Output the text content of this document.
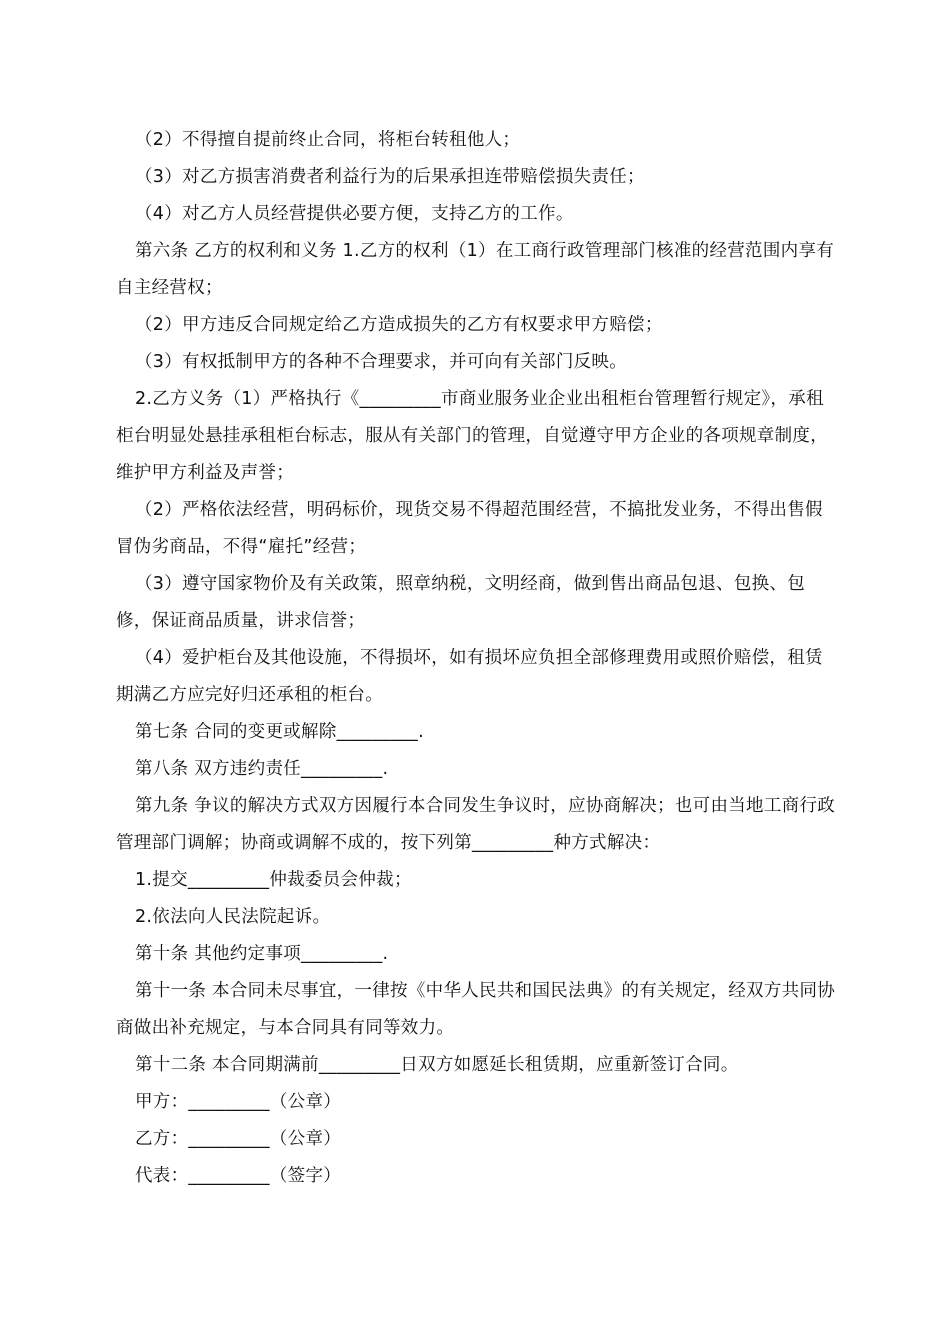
（2）不得擅自提前终止合同，将柜台转租他人；

（3）对乙方损害消费者利益行为的后果承担连带赔偿损失责任；

（4）对乙方人员经营提供必要方便，支持乙方的工作。

第六条 乙方的权利和义务 1.乙方的权利（1）在工商行政管理部门核准的经营范围内享有自主经营权；

（2）甲方违反合同规定给乙方造成损失的乙方有权要求甲方赔偿；

（3）有权抵制甲方的各种不合理要求，并可向有关部门反映。

2.乙方义务（1）严格执行《_________市商业服务业企业出租柜台管理暂行规定》，承租柜台明显处悬挂承租柜台标志，服从有关部门的管理，自觉遵守甲方企业的各项规章制度，维护甲方利益及声誉；

（2）严格依法经营，明码标价，现货交易不得超范围经营，不搞批发业务，不得出售假冒伪劣商品，不得“雇托”经营；

（3）遵守国家物价及有关政策，照章纳税，文明经商，做到售出商品包退、包换、包修，保证商品质量，讲求信誉；

（4）爱护柜台及其他设施，不得损坏，如有损坏应负担全部修理费用或照价赔偿，租赁期满乙方应完好归还承租的柜台。

第七条 合同的变更或解除_________.

第八条 双方违约责任_________.

第九条 争议的解决方式双方因履行本合同发生争议时，应协商解决；也可由当地工商行政管理部门调解；协商或调解不成的，按下列第_________种方式解决：

1.提交_________仲裁委员会仲裁；

2.依法向人民法院起诉。

第十条 其他约定事项_________.

第十一条 本合同未尽事宜，一律按《中华人民共和国民法典》的有关规定，经双方共同协商做出补充规定，与本合同具有同等效力。

第十二条 本合同期满前_________日双方如愿延长租赁期，应重新签订合同。

甲方：_________（公章）

乙方：_________（公章）

代表：_________（签字）
